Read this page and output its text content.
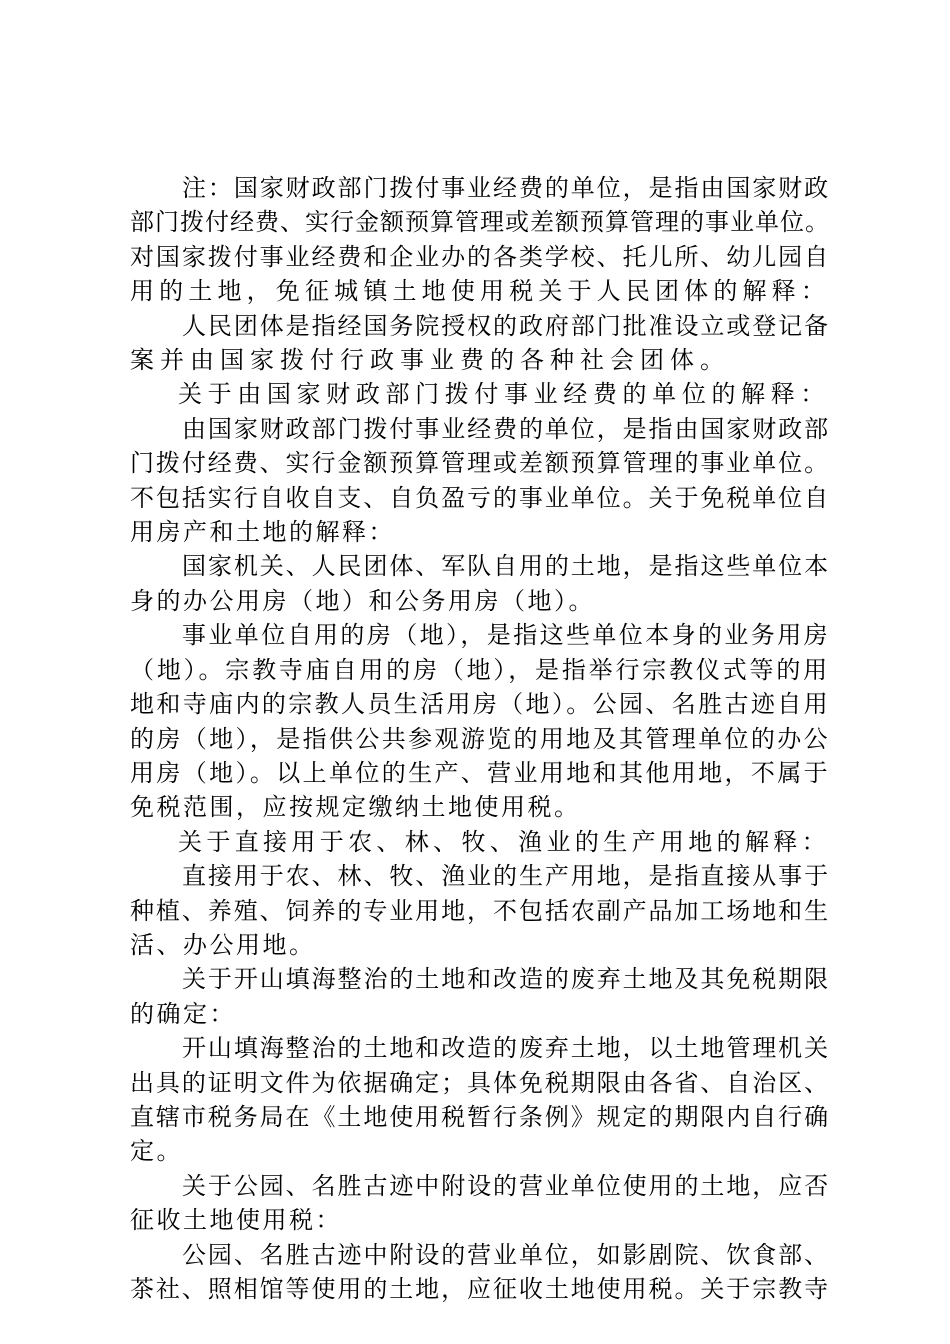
注：国家财政部门拨付事业经费的单位，是指由国家财政
部门拨付经费、实行金额预算管理或差额预算管理的事业单位。
对国家拨付事业经费和企业办的各类学校、托儿所、幼儿园自
用的土地，免征城镇土地使用税关于人民团体的解释：
人民团体是指经国务院授权的政府部门批准设立或登记备
案并由国家拨付行政事业费的各种社会团体。
关于由国家财政部门拨付事业经费的单位的解释：
由国家财政部门拨付事业经费的单位，是指由国家财政部
门拨付经费、实行金额预算管理或差额预算管理的事业单位。
不包括实行自收自支、自负盈亏的事业单位。关于免税单位自
用房产和土地的解释：
国家机关、人民团体、军队自用的土地，是指这些单位本
身的办公用房（地）和公务用房（地）。
事业单位自用的房（地），是指这些单位本身的业务用房
（地）。宗教寺庙自用的房（地），是指举行宗教仪式等的用
地和寺庙内的宗教人员生活用房（地）。公园、名胜古迹自用
的房（地），是指供公共参观游览的用地及其管理单位的办公
用房（地）。以上单位的生产、营业用地和其他用地，不属于
免税范围，应按规定缴纳土地使用税。
关于直接用于农、林、牧、渔业的生产用地的解释：
直接用于农、林、牧、渔业的生产用地，是指直接从事于
种植、养殖、饲养的专业用地，不包括农副产品加工场地和生
活、办公用地。
关于开山填海整治的土地和改造的废弃土地及其免税期限
的确定：
开山填海整治的土地和改造的废弃土地，以土地管理机关
出具的证明文件为依据确定；具体免税期限由各省、自治区、
直辖市税务局在《土地使用税暂行条例》规定的期限内自行确
定。
关于公园、名胜古迹中附设的营业单位使用的土地，应否
征收土地使用税：
公园、名胜古迹中附设的营业单位，如影剧院、饮食部、
茶社、照相馆等使用的土地，应征收土地使用税。关于宗教寺
